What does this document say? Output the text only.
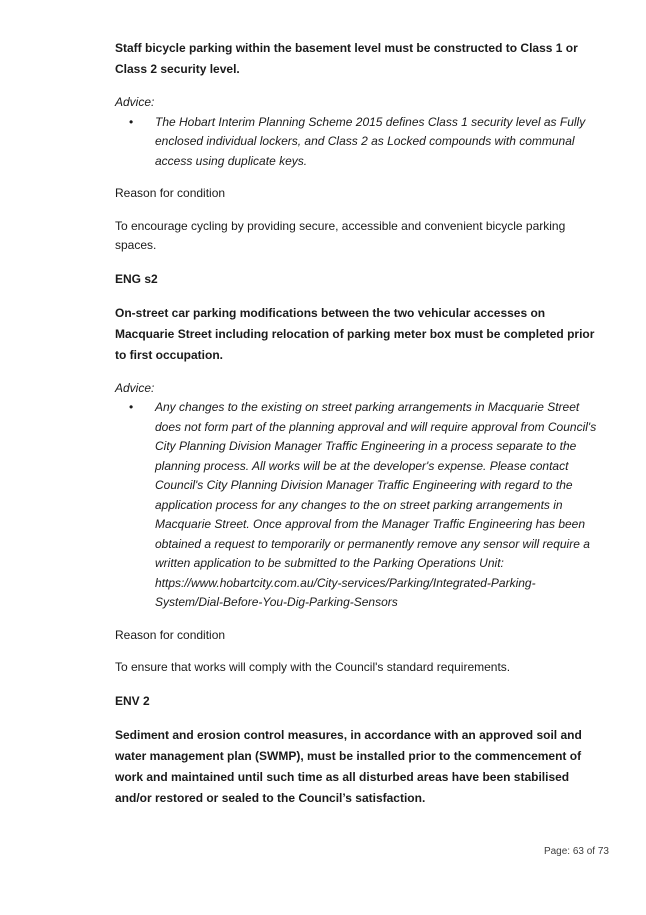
Staff bicycle parking within the basement level must be constructed to Class 1 or Class 2 security level.

Advice:

•	The Hobart Interim Planning Scheme 2015 defines Class 1 security level as Fully enclosed individual lockers, and Class 2 as Locked compounds with communal access using duplicate keys.

Reason for condition

To encourage cycling by providing secure, accessible and convenient bicycle parking spaces.

ENG s2

On-street car parking modifications between the two vehicular accesses on Macquarie Street including relocation of parking meter box must be completed prior to first occupation.

Advice:

•	Any changes to the existing on street parking arrangements in Macquarie Street does not form part of the planning approval and will require approval from Council's City Planning Division Manager Traffic Engineering in a process separate to the planning process. All works will be at the developer's expense. Please contact Council's City Planning Division Manager Traffic Engineering with regard to the application process for any changes to the on street parking arrangements in Macquarie Street. Once approval from the Manager Traffic Engineering has been obtained a request to temporarily or permanently remove any sensor will require a written application to be submitted to the Parking Operations Unit: https://www.hobartcity.com.au/City-services/Parking/Integrated-Parking-System/Dial-Before-You-Dig-Parking-Sensors

Reason for condition

To ensure that works will comply with the Council's standard requirements.

ENV 2

Sediment and erosion control measures, in accordance with an approved soil and water management plan (SWMP), must be installed prior to the commencement of work and maintained until such time as all disturbed areas have been stabilised and/or restored or sealed to the Council’s satisfaction.

Page: 63 of 73
